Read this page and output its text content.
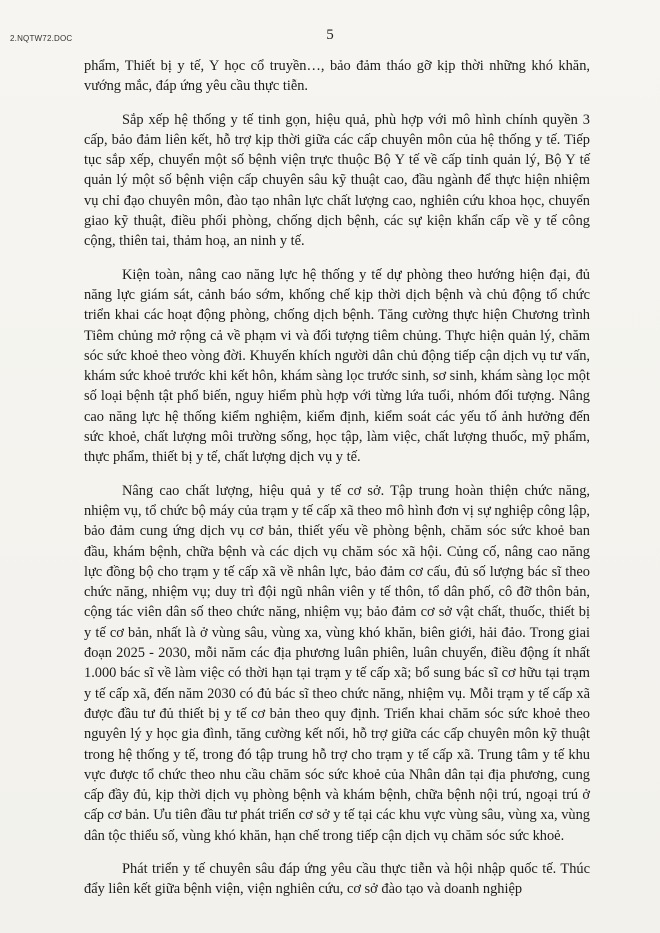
2.NQTW72.DOC	5

phẩm, Thiết bị y tế, Y học cổ truyền…, bảo đảm tháo gỡ kịp thời những khó khăn, vướng mắc, đáp ứng yêu cầu thực tiễn.

Sắp xếp hệ thống y tế tinh gọn, hiệu quả, phù hợp với mô hình chính quyền 3 cấp, bảo đảm liên kết, hỗ trợ kịp thời giữa các cấp chuyên môn của hệ thống y tế. Tiếp tục sắp xếp, chuyển một số bệnh viện trực thuộc Bộ Y tế về cấp tỉnh quản lý, Bộ Y tế quản lý một số bệnh viện cấp chuyên sâu kỹ thuật cao, đầu ngành để thực hiện nhiệm vụ chỉ đạo chuyên môn, đào tạo nhân lực chất lượng cao, nghiên cứu khoa học, chuyển giao kỹ thuật, điều phối phòng, chống dịch bệnh, các sự kiện khẩn cấp về y tế công cộng, thiên tai, thảm hoạ, an ninh y tế.

Kiện toàn, nâng cao năng lực hệ thống y tế dự phòng theo hướng hiện đại, đủ năng lực giám sát, cảnh báo sớm, khống chế kịp thời dịch bệnh và chủ động tổ chức triển khai các hoạt động phòng, chống dịch bệnh. Tăng cường thực hiện Chương trình Tiêm chủng mở rộng cả về phạm vi và đối tượng tiêm chủng. Thực hiện quản lý, chăm sóc sức khoẻ theo vòng đời. Khuyến khích người dân chủ động tiếp cận dịch vụ tư vấn, khám sức khoẻ trước khi kết hôn, khám sàng lọc trước sinh, sơ sinh, khám sàng lọc một số loại bệnh tật phổ biến, nguy hiểm phù hợp với từng lứa tuổi, nhóm đối tượng. Nâng cao năng lực hệ thống kiểm nghiệm, kiểm định, kiểm soát các yếu tố ảnh hưởng đến sức khoẻ, chất lượng môi trường sống, học tập, làm việc, chất lượng thuốc, mỹ phẩm, thực phẩm, thiết bị y tế, chất lượng dịch vụ y tế.

Nâng cao chất lượng, hiệu quả y tế cơ sở. Tập trung hoàn thiện chức năng, nhiệm vụ, tổ chức bộ máy của trạm y tế cấp xã theo mô hình đơn vị sự nghiệp công lập, bảo đảm cung ứng dịch vụ cơ bản, thiết yếu về phòng bệnh, chăm sóc sức khoẻ ban đầu, khám bệnh, chữa bệnh và các dịch vụ chăm sóc xã hội. Củng cố, nâng cao năng lực đồng bộ cho trạm y tế cấp xã về nhân lực, bảo đảm cơ cấu, đủ số lượng bác sĩ theo chức năng, nhiệm vụ; duy trì đội ngũ nhân viên y tế thôn, tổ dân phố, cô đỡ thôn bản, cộng tác viên dân số theo chức năng, nhiệm vụ; bảo đảm cơ sở vật chất, thuốc, thiết bị y tế cơ bản, nhất là ở vùng sâu, vùng xa, vùng khó khăn, biên giới, hải đảo. Trong giai đoạn 2025 - 2030, mỗi năm các địa phương luân phiên, luân chuyển, điều động ít nhất 1.000 bác sĩ về làm việc có thời hạn tại trạm y tế cấp xã; bổ sung bác sĩ cơ hữu tại trạm y tế cấp xã, đến năm 2030 có đủ bác sĩ theo chức năng, nhiệm vụ. Mỗi trạm y tế cấp xã được đầu tư đủ thiết bị y tế cơ bản theo quy định. Triển khai chăm sóc sức khoẻ theo nguyên lý y học gia đình, tăng cường kết nối, hỗ trợ giữa các cấp chuyên môn kỹ thuật trong hệ thống y tế, trong đó tập trung hỗ trợ cho trạm y tế cấp xã. Trung tâm y tế khu vực được tổ chức theo nhu cầu chăm sóc sức khoẻ của Nhân dân tại địa phương, cung cấp đầy đủ, kịp thời dịch vụ phòng bệnh và khám bệnh, chữa bệnh nội trú, ngoại trú ở cấp cơ bản. Ưu tiên đầu tư phát triển cơ sở y tế tại các khu vực vùng sâu, vùng xa, vùng dân tộc thiểu số, vùng khó khăn, hạn chế trong tiếp cận dịch vụ chăm sóc sức khoẻ.

Phát triển y tế chuyên sâu đáp ứng yêu cầu thực tiễn và hội nhập quốc tế. Thúc đẩy liên kết giữa bệnh viện, viện nghiên cứu, cơ sở đào tạo và doanh nghiệp
